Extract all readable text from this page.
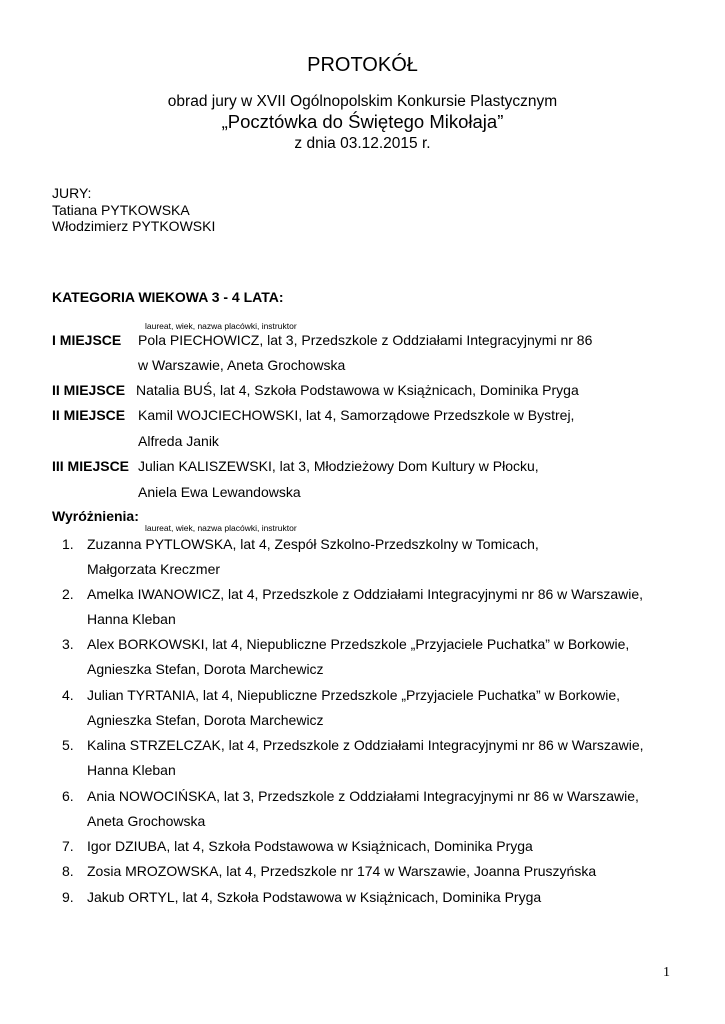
PROTOKÓŁ
obrad jury w XVII Ogólnopolskim Konkursie Plastycznym
„Pocztówka do Świętego Mikołaja”
z dnia 03.12.2015 r.
JURY:
Tatiana PYTKOWSKA
Włodzimierz PYTKOWSKI
KATEGORIA WIEKOWA 3 - 4 LATA:
laureat, wiek, nazwa placówki, instruktor
I MIEJSCE Pola PIECHOWICZ, lat 3, Przedszkole z Oddziałami Integracyjnymi nr 86
w Warszawie, Aneta Grochowska
II MIEJSCE Natalia BUŚ, lat 4, Szkoła Podstawowa w Książnicach, Dominika Pryga
II MIEJSCE Kamil WOJCIECHOWSKI, lat 4, Samorządowe Przedszkole w Bystrej,
Alfreda Janik
III MIEJSCE Julian KALISZEWSKI, lat 3, Młodzieżowy Dom Kultury w Płocku,
Aniela Ewa Lewandowska
Wyróżnienia:
laureat, wiek, nazwa placówki, instruktor
1. Zuzanna PYTLOWSKA, lat 4, Zespół Szkolno-Przedszkolny w Tomicach,
Małgorzata Kreczmer
2. Amelka IWANOWICZ, lat 4, Przedszkole z Oddziałami Integracyjnymi nr 86 w Warszawie,
Hanna Kleban
3. Alex BORKOWSKI, lat 4, Niepubliczne Przedszkole „Przyjaciele Puchatka” w Borkowie,
Agnieszka Stefan, Dorota Marchewicz
4. Julian TYRTANIA, lat 4, Niepubliczne Przedszkole „Przyjaciele Puchatka” w Borkowie,
Agnieszka Stefan, Dorota Marchewicz
5. Kalina STRZELCZAK, lat 4, Przedszkole z Oddziałami Integracyjnymi nr 86 w Warszawie,
Hanna Kleban
6. Ania NOWOCIŃSKA, lat 3, Przedszkole z Oddziałami Integracyjnymi nr 86 w Warszawie,
Aneta Grochowska
7. Igor DZIUBA, lat 4, Szkoła Podstawowa w Książnicach, Dominika Pryga
8. Zosia MROZOWSKA, lat 4, Przedszkole nr 174 w Warszawie, Joanna Pruszyńska
9. Jakub ORTYL, lat 4, Szkoła Podstawowa w Książnicach, Dominika Pryga
1
